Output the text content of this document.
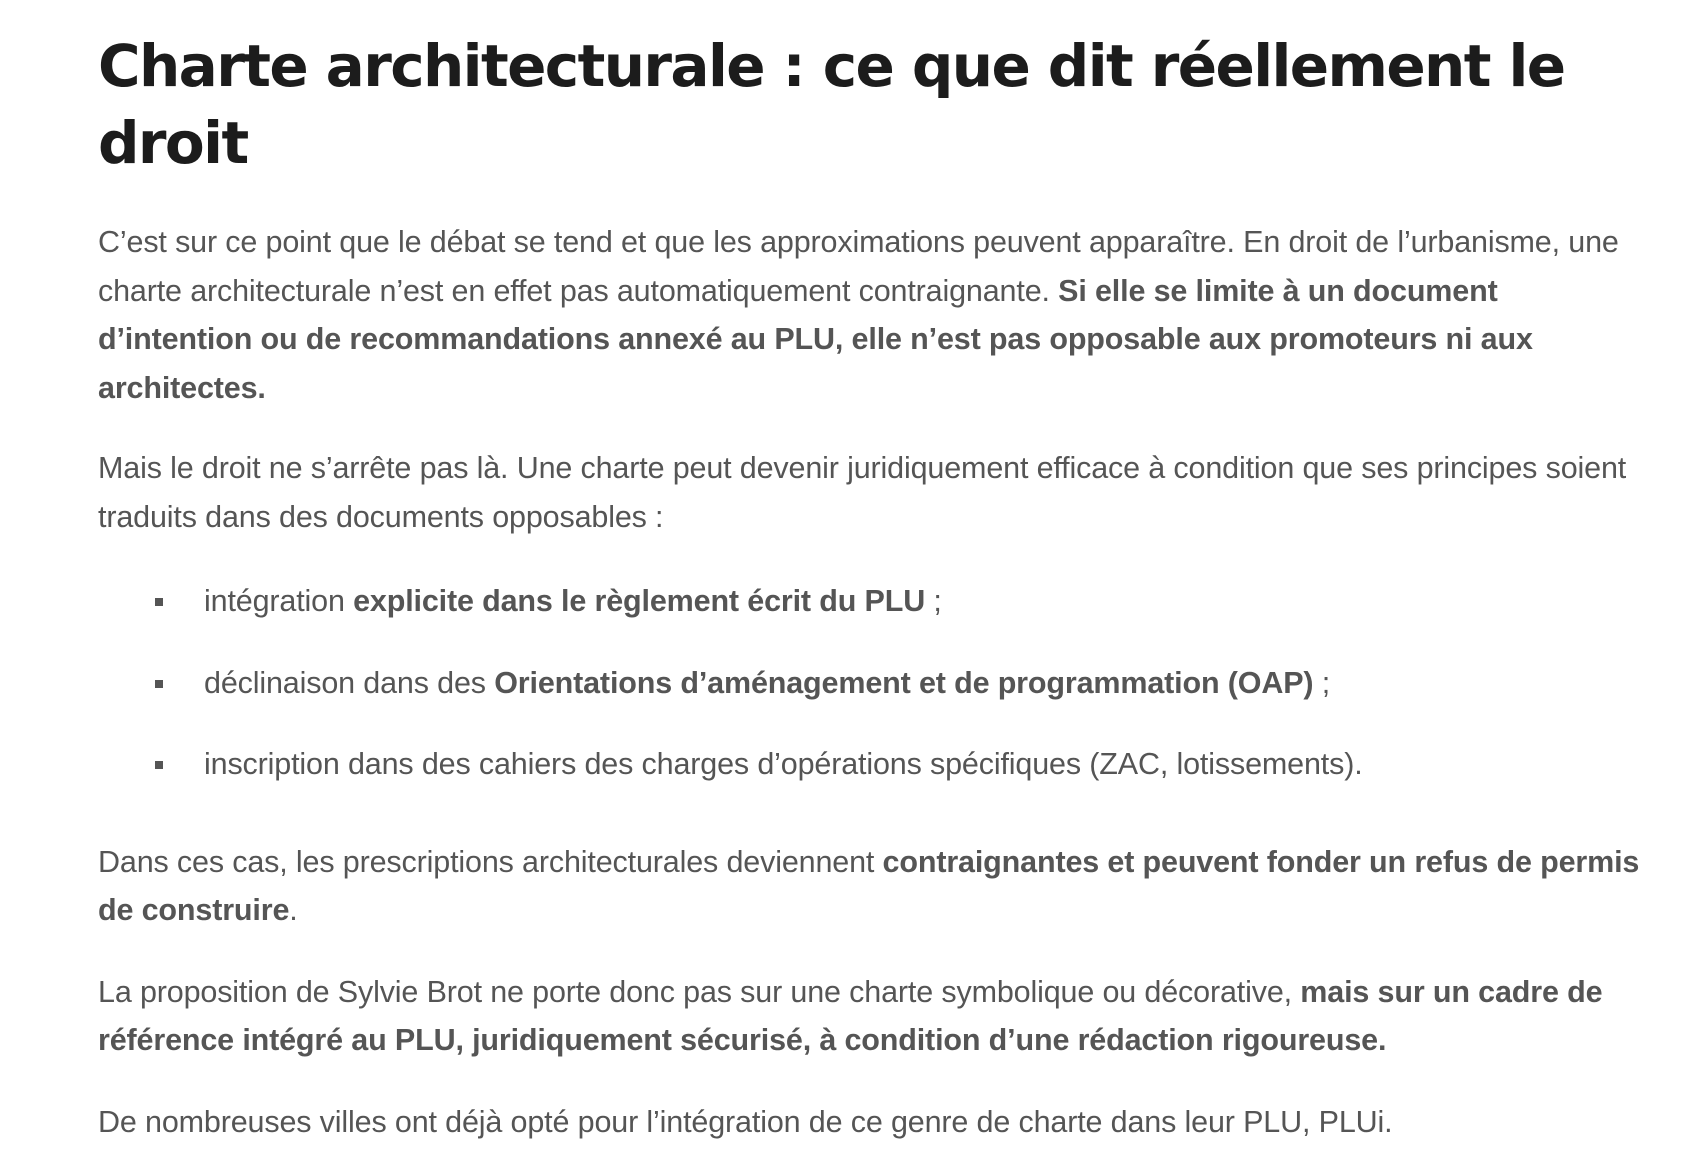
Charte architecturale : ce que dit réellement le droit

C’est sur ce point que le débat se tend et que les approximations peuvent apparaître. En droit de l’urbanisme, une charte architecturale n’est en effet pas automatiquement contraignante. Si elle se limite à un document d’intention ou de recommandations annexé au PLU, elle n’est pas opposable aux promoteurs ni aux architectes.

Mais le droit ne s’arrête pas là. Une charte peut devenir juridiquement efficace à condition que ses principes soient traduits dans des documents opposables :

intégration explicite dans le règlement écrit du PLU ;
déclinaison dans des Orientations d’aménagement et de programmation (OAP) ;
inscription dans des cahiers des charges d’opérations spécifiques (ZAC, lotissements).

Dans ces cas, les prescriptions architecturales deviennent contraignantes et peuvent fonder un refus de permis de construire.

La proposition de Sylvie Brot ne porte donc pas sur une charte symbolique ou décorative, mais sur un cadre de référence intégré au PLU, juridiquement sécurisé, à condition d’une rédaction rigoureuse.

De nombreuses villes ont déjà opté pour l’intégration de ce genre de charte dans leur PLU, PLUi.
